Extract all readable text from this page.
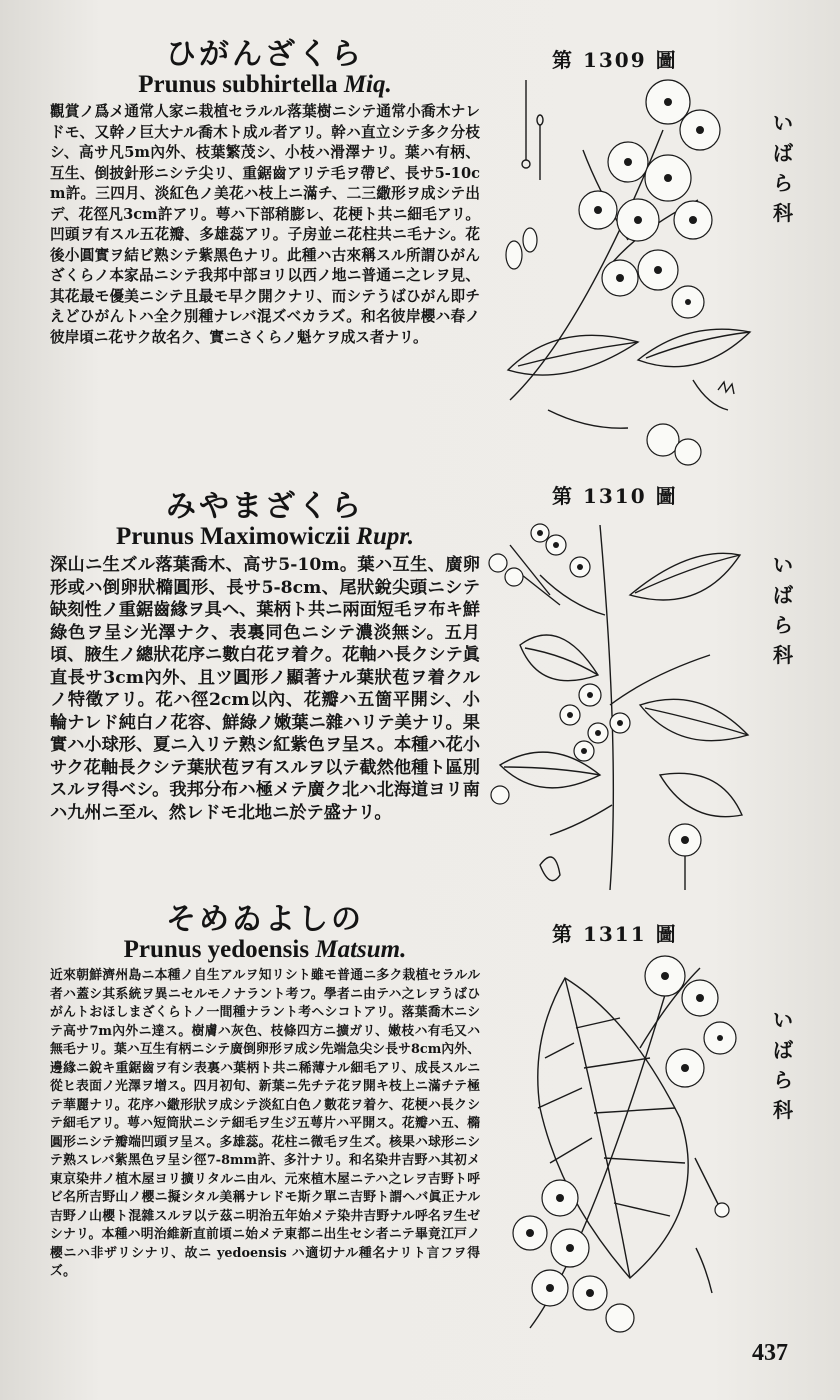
ひがんざくら
Prunus subhirtella Miq.

觀賞ノ爲メ通常人家ニ栽植セラルル落葉樹ニシテ通常小喬木ナレドモ、又幹ノ巨大ナル喬木ト成ル者アリ。幹ハ直立シテ多ク分枝シ、高サ凡5m內外、枝葉繁茂シ、小枝ハ滑澤ナリ。葉ハ有柄、互生、倒披針形ニシテ尖リ、重鋸齒アリテ毛ヲ帶ビ、長サ5-10cm許。三四月、淡紅色ノ美花ハ枝上ニ滿チ、二三繖形ヲ成シテ出デ、花徑凡3cm許アリ。萼ハ下部稍膨レ、花梗ト共ニ細毛アリ。凹頭ヲ有スル五花瓣、多雄蕊アリ。子房並ニ花柱共ニ毛ナシ。花後小圓實ヲ結ビ熟シテ紫黑色ナリ。此種ハ古來稱スル所謂ひがんざくらノ本家品ニシテ我邦中部ヨリ以西ノ地ニ普通ニ之レヲ見、其花最モ優美ニシテ且最モ早ク開クナリ、而シテうばひがん即チえどひがんトハ全ク別種ナレバ混ズベカラズ。和名彼岸櫻ハ春ノ彼岸頃ニ花サク故名ク、實ニさくらノ魁ケヲ成ス者ナリ。

第 1309 圖
い
ば
ら
科
みやまざくら
Prunus Maximowiczii Rupr.

深山ニ生ズル落葉喬木、高サ5-10m。葉ハ互生、廣卵形或ハ倒卵狀橢圓形、長サ5-8cm、尾狀銳尖頭ニシテ缺刻性ノ重鋸齒緣ヲ具ヘ、葉柄ト共ニ兩面短毛ヲ布キ鮮綠色ヲ呈シ光澤ナク、表裏同色ニシテ濃淡無シ。五月頃、腋生ノ總狀花序ニ數白花ヲ着ク。花軸ハ長クシテ眞直長サ3cm內外、且ツ圓形ノ顯著ナル葉狀苞ヲ着クルノ特徵アリ。花ハ徑2cm以內、花瓣ハ五箇平開シ、小輪ナレド純白ノ花容、鮮綠ノ嫩葉ニ雜ハリテ美ナリ。果實ハ小球形、夏ニ入リテ熟シ紅紫色ヲ呈ス。本種ハ花小サク花軸長クシテ葉狀苞ヲ有スルヲ以テ截然他種ト區別スルヲ得ベシ。我邦分布ハ極メテ廣ク北ハ北海道ヨリ南ハ九州ニ至ル、然レドモ北地ニ於テ盛ナリ。

第 1310 圖
い
ば
ら
科
そめゐよしの
Prunus yedoensis Matsum.

近來朝鮮濟州島ニ本種ノ自生アルヲ知リシト雖モ普通ニ多ク栽植セラルル者ハ蓋シ其系統ヲ異ニセルモノナラント考フ。學者ニ由テハ之レヲうばひがんトおほしまざくらトノ一間種ナラント考ヘシコトアリ。落葉喬木ニシテ高サ7m內外ニ達ス。樹膚ハ灰色、枝條四方ニ擴ガリ、嫩枝ハ有毛又ハ無毛ナリ。葉ハ互生有柄ニシテ廣倒卵形ヲ成シ先端急尖シ長サ8cm內外、邊緣ニ銳キ重鋸齒ヲ有シ表裏ハ葉柄ト共ニ稀薄ナル細毛アリ、成長スルニ從ヒ表面ノ光澤ヲ增ス。四月初旬、新葉ニ先チテ花ヲ開キ枝上ニ滿チテ極テ華麗ナリ。花序ハ繖形狀ヲ成シテ淡紅白色ノ數花ヲ着ケ、花梗ハ長クシテ細毛アリ。萼ハ短筒狀ニシテ細毛ヲ生ジ五萼片ハ平開ス。花瓣ハ五、橢圓形ニシテ瓣端凹頭ヲ呈ス。多雄蕊。花柱ニ微毛ヲ生ズ。核果ハ球形ニシテ熟スレバ紫黑色ヲ呈シ徑7-8mm許、多汁ナリ。和名染井吉野ハ其初メ東京染井ノ植木屋ヨリ擴リタルニ由ル、元來植木屋ニテハ之レヲ吉野ト呼ビ名所吉野山ノ櫻ニ擬シタル美稱ナレドモ斯ク單ニ吉野ト謂ヘバ眞正ナル吉野ノ山櫻ト混雜スルヲ以テ茲ニ明治五年始メテ染井吉野ナル呼名ヲ生ゼシナリ。本種ハ明治維新直前頃ニ始メテ東都ニ出生セシ者ニテ畢竟江戸ノ櫻ニハ非ザリシナリ、故ニ yedoensis ハ適切ナル種名ナリト言フヲ得ズ。

第 1311 圖
い
ば
ら
科
437
